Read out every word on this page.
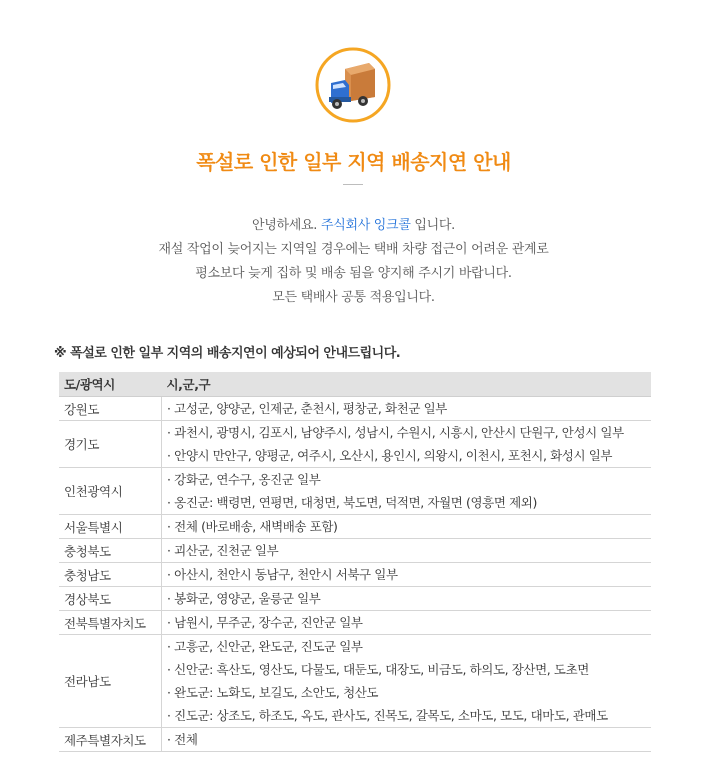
폭설로 인한 일부 지역 배송지연 안내
안녕하세요. 주식회사 잉크콜 입니다.
재설 작업이 늦어지는 지역일 경우에는 택배 차량 접근이 어려운 관계로
평소보다 늦게 집하 및 배송 됨을 양지해 주시기 바랍니다.
모든 택배사 공통 적용입니다.
※ 폭설로 인한 일부 지역의 배송지연이 예상되어 안내드립니다.
도/광역시	시,군,구
강원도	· 고성군, 양양군, 인제군, 춘천시, 평창군, 화천군 일부

경기도	· 과천시, 광명시, 김포시, 남양주시, 성남시, 수원시, 시흥시, 안산시 단원구, 안성시 일부
· 안양시 만안구, 양평군, 여주시, 오산시, 용인시, 의왕시, 이천시, 포천시, 화성시 일부

인천광역시	· 강화군, 연수구, 옹진군 일부
· 옹진군: 백령면, 연평면, 대청면, 북도면, 덕적면, 자월면 (영흥면 제외)

서울특별시	· 전체 (바로배송, 새벽배송 포함)

충청북도	· 괴산군, 진천군 일부

충청남도	· 아산시, 천안시 동남구, 천안시 서북구 일부

경상북도	· 봉화군, 영양군, 울릉군 일부

전북특별자치도	· 남원시, 무주군, 장수군, 진안군 일부

전라남도	· 고흥군, 신안군, 완도군, 진도군 일부
· 신안군: 흑산도, 영산도, 다물도, 대둔도, 대장도, 비금도, 하의도, 장산면, 도초면
· 완도군: 노화도, 보길도, 소안도, 청산도
· 진도군: 상조도, 하조도, 옥도, 관사도, 진목도, 갈목도, 소마도, 모도, 대마도, 관매도

제주특별자치도	· 전체
